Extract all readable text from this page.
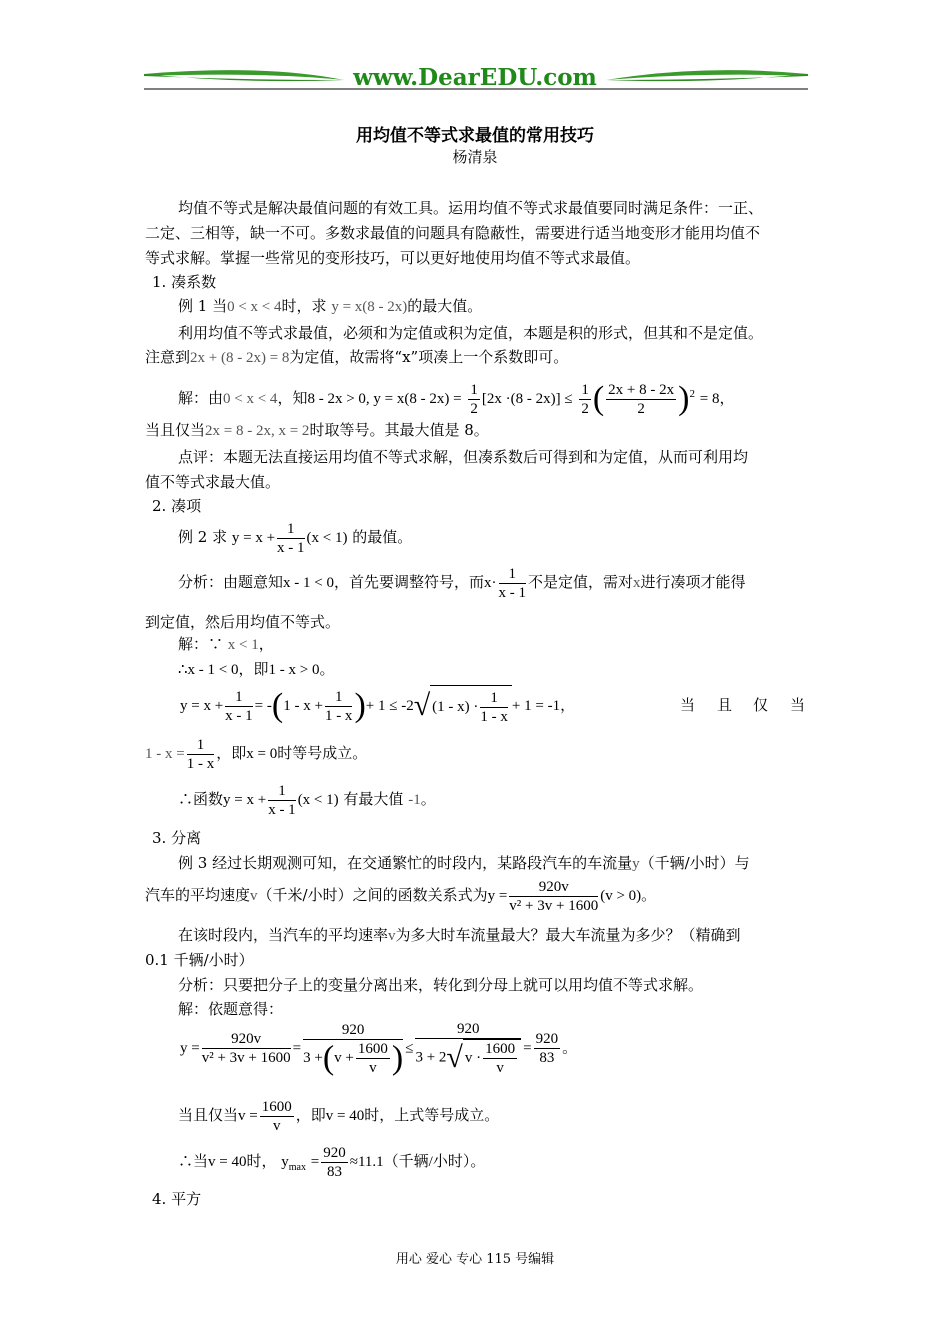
www.DearEDU.com
用均值不等式求最值的常用技巧
杨清泉
均值不等式是解决最值问题的有效工具。运用均值不等式求最值要同时满足条件：一正、
二定、三相等，缺一不可。多数求最值的问题具有隐蔽性，需要进行适当地变形才能用均值不
等式求解。掌握一些常见的变形技巧，可以更好地使用均值不等式求最值。
1. 凑系数
例 1 当0 < x < 4时，求 y = x(8 - 2x)的最大值。
利用均值不等式求最值，必须和为定值或积为定值，本题是积的形式，但其和不是定值。
注意到2x + (8 - 2x) = 8为定值，故需将“x”项凑上一个系数即可。
解：由0 < x < 4，知8 - 2x > 0, $y = x(8 - 2x) = \frac{1}{2} [2x \cdot(8 - 2x)] \le \frac{1}{2}$ ( $\frac{2x + 8 - 2x}{2} )^2 = 8$，
当且仅当2x = 8 - 2x, x = 2时取等号。其最大值是 8。
点评：本题无法直接运用均值不等式求解，但凑系数后可得到和为定值，从而可利用均
值不等式求最大值。
2. 凑项
例 2 求 $y = x + \frac{1}{x - 1} (x < 1)$ 的最值。
分析：由题意知x - 1 < 0，首先要调整符号，而$x\cdot \frac{1}{x - 1}$ 不是定值，需对x进行凑项才能得
到定值，然后用均值不等式。
解：∵ x < 1，
∴x - 1 < 0，即1 - x > 0。
$y = x + \frac{1}{x - 1} = -(1 - x + \frac{1}{1 - x}$ )+ 1 ≤ -2√ $(1 - x) \cdot \frac{1}{1 - x} + 1 = -1$，	当 且 仅 当
$1 - x = \frac{1}{1 - x}$ ，即x = 0时等号成立。
∴函数$y = x + \frac{1}{x - 1} (x < 1)$ 有最大值 -1。
3. 分离
例 3 经过长期观测可知，在交通繁忙的时段内，某路段汽车的车流量y（千辆/小时）与
汽车的平均速度v（千米/小时）之间的函数关系式为$y = \frac{920v}{\text{v² + 3v + 1600}} (v > 0)$。
在该时段内，当汽车的平均速率v为多大时车流量最大？最大车流量为多少？（精确到
0.1 千辆/小时）
分析：只要把分子上的变量分离出来，转化到分母上就可以用均值不等式求解。
解：依题意得：
$y = \frac{920v}{\text{v² + 3v + 1600}} = \frac{920}{3 +(v + \frac{1600}{v} )} \le \frac{920}{3 + 2√ v \cdot \frac{1600}{v}} = \frac{920}{83}$ 。
当且仅当$v = \frac{1600}{v}$ ，即v = 40时，上式等号成立。
∴当v = 40时， $y_{max} = \frac{920}{83} \approx 11.1$（千辆/小时）。
4. 平方
用心 爱心 专心 115 号编辑
